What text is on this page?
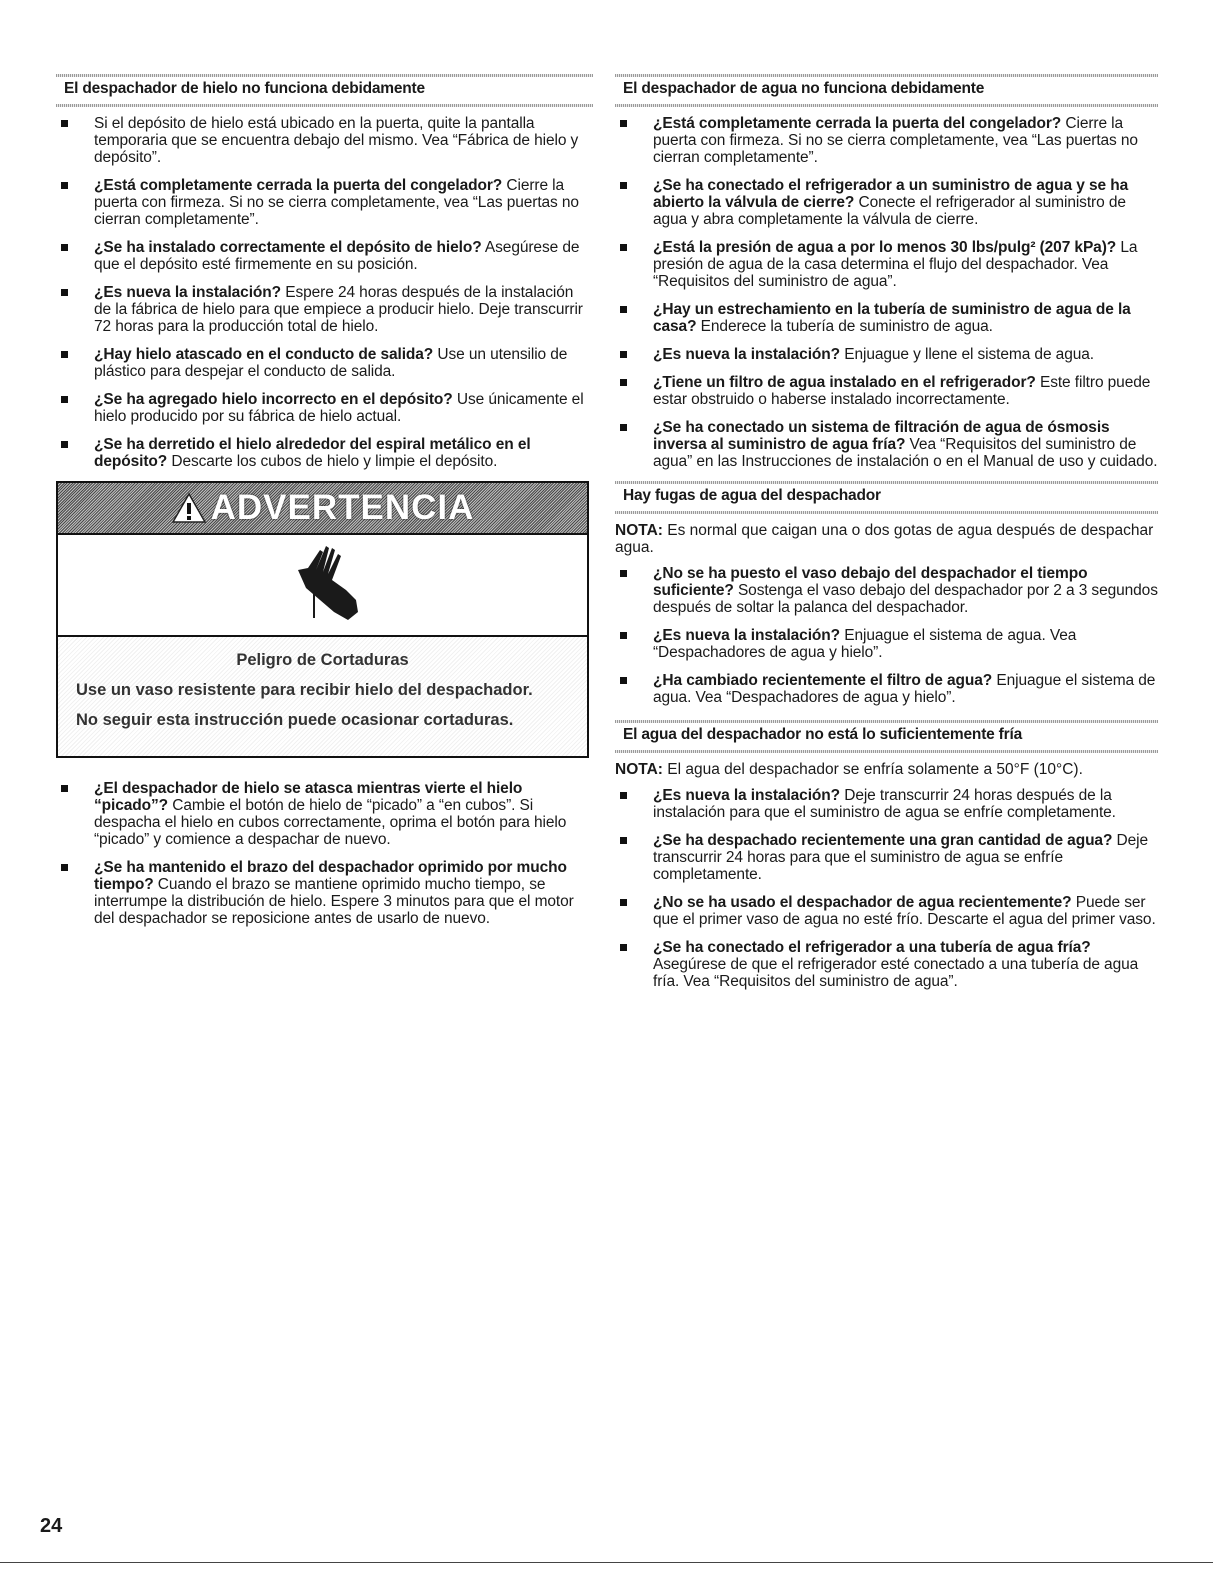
El despachador de hielo no funciona debidamente
Si el depósito de hielo está ubicado en la puerta, quite la pantalla temporaria que se encuentra debajo del mismo. Vea “Fábrica de hielo y depósito”.
¿Está completamente cerrada la puerta del congelador? Cierre la puerta con firmeza. Si no se cierra completamente, vea “Las puertas no cierran completamente”.
¿Se ha instalado correctamente el depósito de hielo? Asegúrese de que el depósito esté firmemente en su posición.
¿Es nueva la instalación? Espere 24 horas después de la instalación de la fábrica de hielo para que empiece a producir hielo. Deje transcurrir 72 horas para la producción total de hielo.
¿Hay hielo atascado en el conducto de salida? Use un utensilio de plástico para despejar el conducto de salida.
¿Se ha agregado hielo incorrecto en el depósito? Use únicamente el hielo producido por su fábrica de hielo actual.
¿Se ha derretido el hielo alrededor del espiral metálico en el depósito? Descarte los cubos de hielo y limpie el depósito.
ADVERTENCIA
Peligro de Cortaduras

Use un vaso resistente para recibir hielo del despachador.

No seguir esta instrucción puede ocasionar cortaduras.

¿El despachador de hielo se atasca mientras vierte el hielo “picado”? Cambie el botón de hielo de “picado” a “en cubos”. Si despacha el hielo en cubos correctamente, oprima el botón para hielo “picado” y comience a despachar de nuevo.
¿Se ha mantenido el brazo del despachador oprimido por mucho tiempo? Cuando el brazo se mantiene oprimido mucho tiempo, se interrumpe la distribución de hielo. Espere 3 minutos para que el motor del despachador se reposicione antes de usarlo de nuevo.
El despachador de agua no funciona debidamente
¿Está completamente cerrada la puerta del congelador? Cierre la puerta con firmeza. Si no se cierra completamente, vea “Las puertas no cierran completamente”.
¿Se ha conectado el refrigerador a un suministro de agua y se ha abierto la válvula de cierre? Conecte el refrigerador al suministro de agua y abra completamente la válvula de cierre.
¿Está la presión de agua a por lo menos 30 lbs/pulg² (207 kPa)? La presión de agua de la casa determina el flujo del despachador. Vea “Requisitos del suministro de agua”.
¿Hay un estrechamiento en la tubería de suministro de agua de la casa? Enderece la tubería de suministro de agua.
¿Es nueva la instalación? Enjuague y llene el sistema de agua.
¿Tiene un filtro de agua instalado en el refrigerador? Este filtro puede estar obstruido o haberse instalado incorrectamente.
¿Se ha conectado un sistema de filtración de agua de ósmosis inversa al suministro de agua fría? Vea “Requisitos del suministro de agua” en las Instrucciones de instalación o en el Manual de uso y cuidado.
Hay fugas de agua del despachador

NOTA: Es normal que caigan una o dos gotas de agua después de despachar agua.

¿No se ha puesto el vaso debajo del despachador el tiempo suficiente? Sostenga el vaso debajo del despachador por 2 a 3 segundos después de soltar la palanca del despachador.
¿Es nueva la instalación? Enjuague el sistema de agua. Vea “Despachadores de agua y hielo”.
¿Ha cambiado recientemente el filtro de agua? Enjuague el sistema de agua. Vea “Despachadores de agua y hielo”.
El agua del despachador no está lo suficientemente fría

NOTA: El agua del despachador se enfría solamente a 50°F (10°C).

¿Es nueva la instalación? Deje transcurrir 24 horas después de la instalación para que el suministro de agua se enfríe completamente.
¿Se ha despachado recientemente una gran cantidad de agua? Deje transcurrir 24 horas para que el suministro de agua se enfríe completamente.
¿No se ha usado el despachador de agua recientemente? Puede ser que el primer vaso de agua no esté frío. Descarte el agua del primer vaso.
¿Se ha conectado el refrigerador a una tubería de agua fría? Asegúrese de que el refrigerador esté conectado a una tubería de agua fría. Vea “Requisitos del suministro de agua”.
24
